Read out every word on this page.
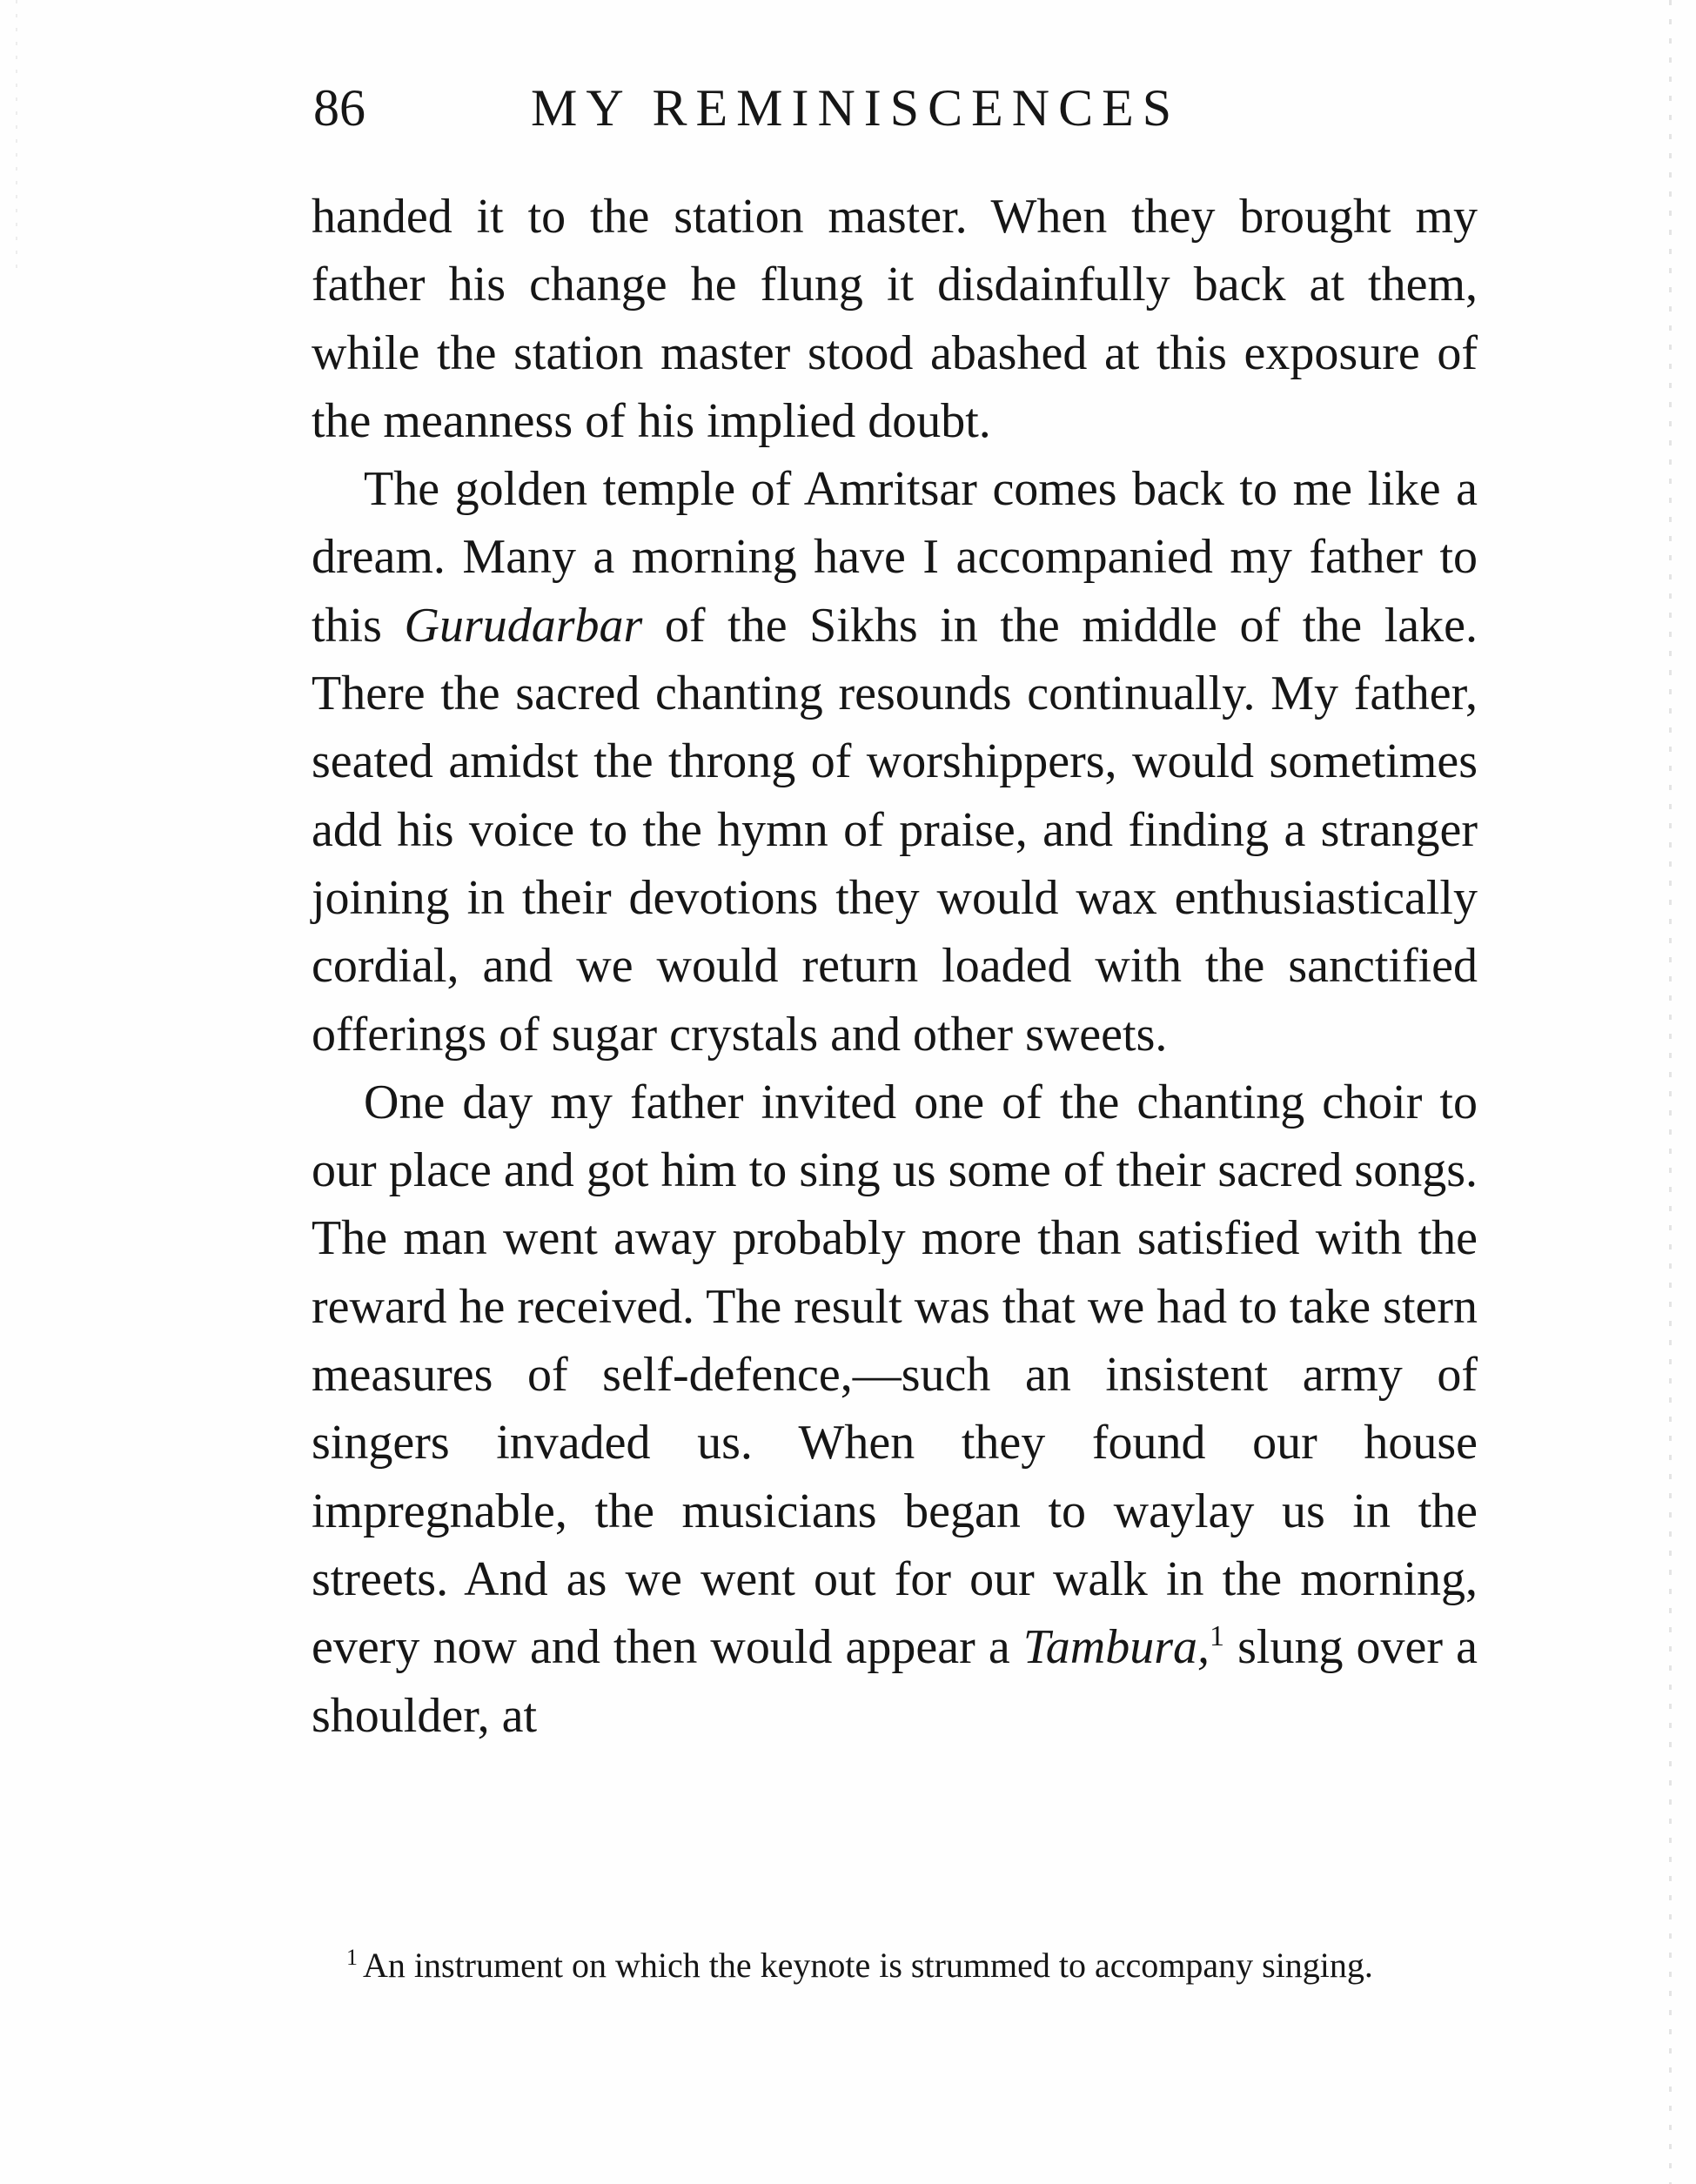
86	MY REMINISCENCES

handed it to the station master. When they brought my father his change he flung it disdainfully back at them, while the station master stood abashed at this exposure of the meanness of his implied doubt.

The golden temple of Amritsar comes back to me like a dream. Many a morning have I accompanied my father to this Gurudarbar of the Sikhs in the middle of the lake. There the sacred chanting resounds continually. My father, seated amidst the throng of worshippers, would sometimes add his voice to the hymn of praise, and finding a stranger joining in their devotions they would wax enthusiastically cordial, and we would return loaded with the sanctified offerings of sugar crystals and other sweets.

One day my father invited one of the chanting choir to our place and got him to sing us some of their sacred songs. The man went away probably more than satisfied with the reward he received. The result was that we had to take stern measures of self-defence,—such an insistent army of singers invaded us. When they found our house impregnable, the musicians began to waylay us in the streets. And as we went out for our walk in the morning, every now and then would appear a Tambura,$^1$ slung over a shoulder, at

$^1$ An instrument on which the keynote is strummed to accompany singing.
